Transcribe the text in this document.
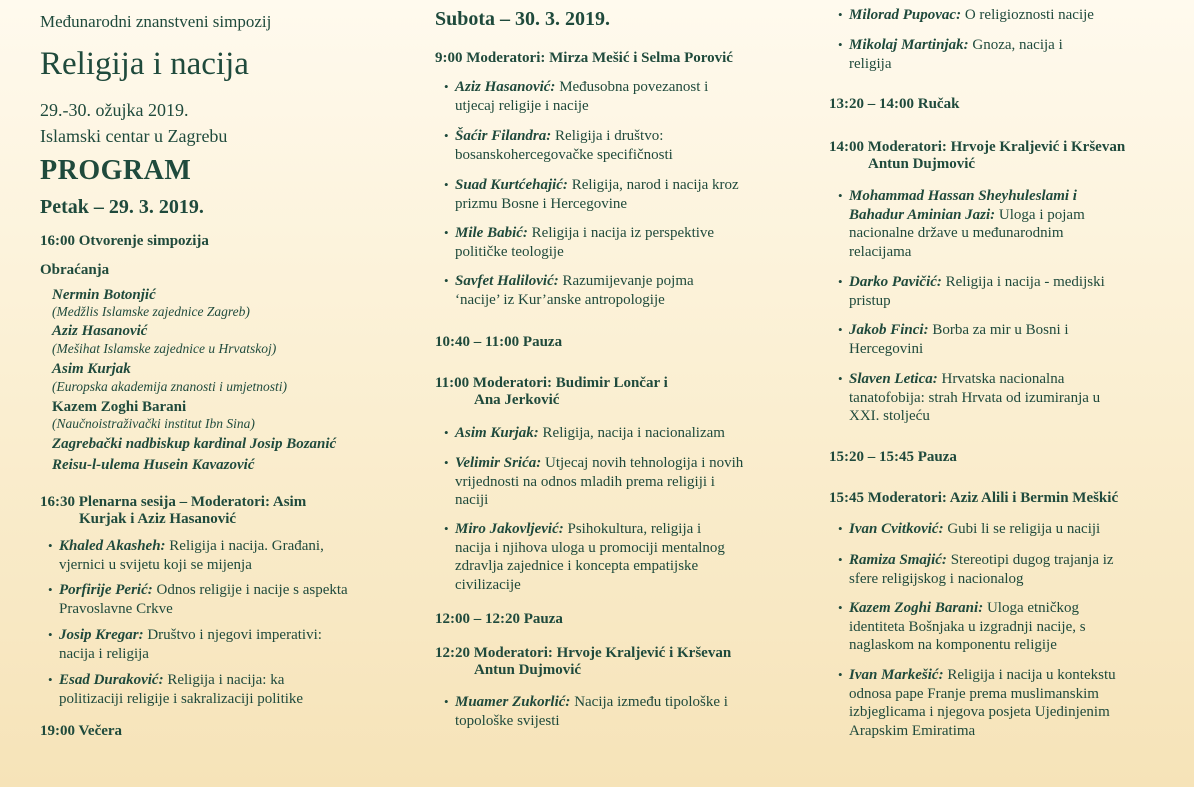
Međunarodni znanstveni simpozij
Religija i nacija
29.-30. ožujka 2019.
Islamski centar u Zagrebu
PROGRAM
Petak – 29. 3. 2019.
16:00 Otvorenje simpozija
Obraćanja
Nermin Botonjić
(Medžlis Islamske zajednice Zagreb)
Aziz Hasanović
(Mešihat Islamske zajednice u Hrvatskoj)
Asim Kurjak
(Europska akademija znanosti i umjetnosti)
Kazem Zoghi Barani
(Naučnoistraživački institut Ibn Sina)
Zagrebački nadbiskup kardinal Josip Bozanić
Reisu-l-ulema Husein Kavazović
16:30 Plenarna sesija – Moderatori: Asim
Kurjak i Aziz Hasanović
• Khaled Akasheh: Religija i nacija. Građani,
vjernici u svijetu koji se mijenja
• Porfirije Perić: Odnos religije i nacije s aspekta
Pravoslavne Crkve
• Josip Kregar: Društvo i njegovi imperativi:
nacija i religija
• Esad Duraković: Religija i nacija: ka
politizaciji religije i sakralizaciji politike
19:00 Večera
Subota – 30. 3. 2019.
9:00 Moderatori: Mirza Mešić i Selma Porović
• Aziz Hasanović: Međusobna povezanost i
utjecaj religije i nacije
• Šaćir Filandra: Religija i društvo:
bosanskohercegovačke specifičnosti
• Suad Kurtćehajić: Religija, narod i nacija kroz
prizmu Bosne i Hercegovine
• Mile Babić: Religija i nacija iz perspektive
političke teologije
• Savfet Halilović: Razumijevanje pojma
‘nacije’ iz Kur’anske antropologije
10:40 – 11:00 Pauza
11:00 Moderatori: Budimir Lončar i
Ana Jerković
• Asim Kurjak: Religija, nacija i nacionalizam
• Velimir Srića: Utjecaj novih tehnologija i novih
vrijednosti na odnos mladih prema religiji i
naciji
• Miro Jakovljević: Psihokultura, religija i
nacija i njihova uloga u promociji mentalnog
zdravlja zajednice i koncepta empatijske
civilizacije
12:00 – 12:20 Pauza
12:20 Moderatori: Hrvoje Kraljević i Krševan
Antun Dujmović
• Muamer Zukorlić: Nacija između tipološke i
topološke svijesti
• Milorad Pupovac: O religioznosti nacije
• Mikolaj Martinjak: Gnoza, nacija i
religija
13:20 – 14:00 Ručak
14:00 Moderatori: Hrvoje Kraljević i Krševan
Antun Dujmović
• Mohammad Hassan Sheyhuleslami i
Bahadur Aminian Jazi: Uloga i pojam
nacionalne države u međunarodnim
relacijama
• Darko Pavičić: Religija i nacija - medijski
pristup
• Jakob Finci: Borba za mir u Bosni i
Hercegovini
• Slaven Letica: Hrvatska nacionalna
tanatofobija: strah Hrvata od izumiranja u
XXI. stoljeću
15:20 – 15:45 Pauza
15:45 Moderatori: Aziz Alili i Bermin Meškić
• Ivan Cvitković: Gubi li se religija u naciji
• Ramiza Smajić: Stereotipi dugog trajanja iz
sfere religijskog i nacionalog
• Kazem Zoghi Barani: Uloga etničkog
identiteta Bošnjaka u izgradnji nacije, s
naglaskom na komponentu religije
• Ivan Markešić: Religija i nacija u kontekstu
odnosa pape Franje prema muslimanskim
izbjeglicama i njegova posjeta Ujedinjenim
Arapskim Emiratima
